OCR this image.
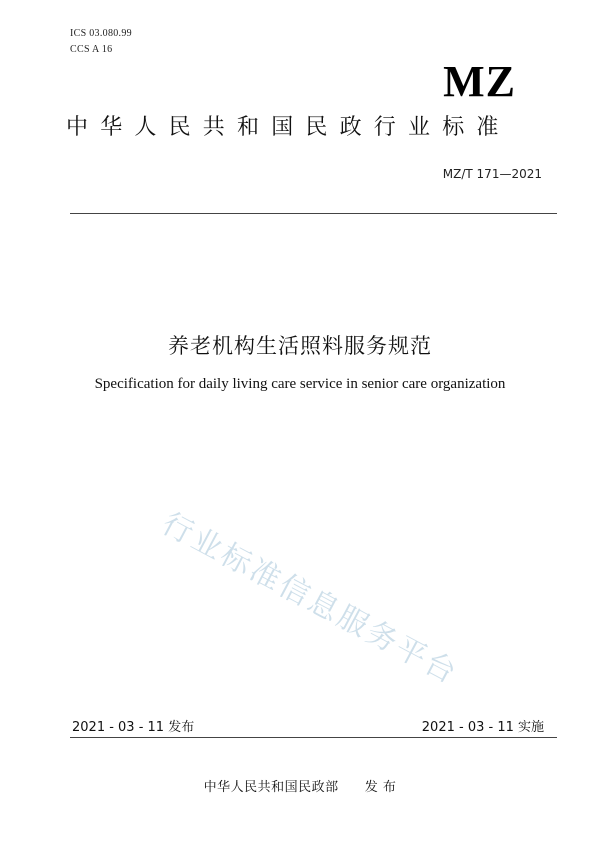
ICS 03.080.99
CCS A 16
MZ
中华人民共和国民政行业标准
MZ/T 171—2021
养老机构生活照料服务规范
Specification for daily living care service in senior care organization
行业标准信息服务平台
2021 - 03 - 11 发布	2021 - 03 - 11 实施
中华人民共和国民政部 发 布
